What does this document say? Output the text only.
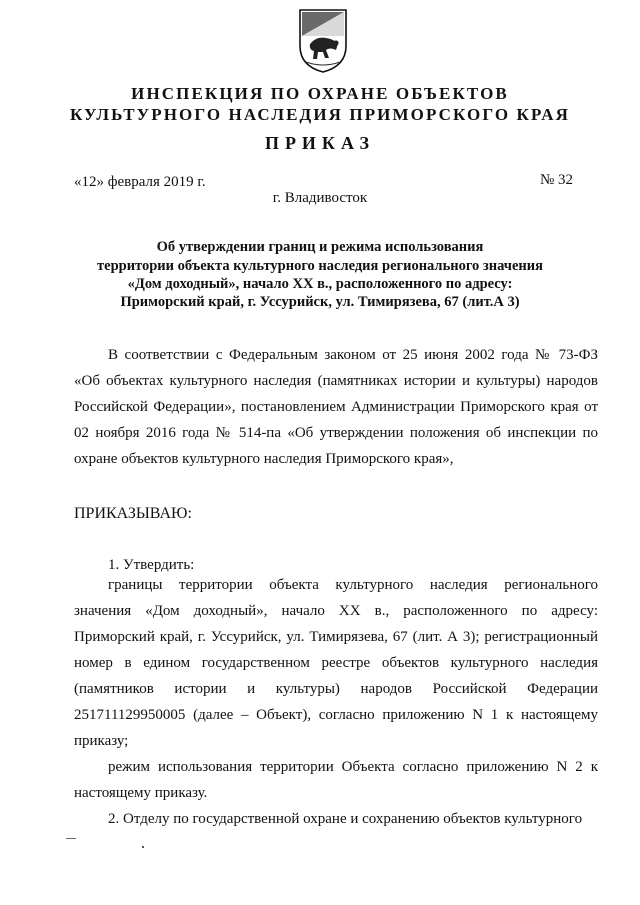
ИНСПЕКЦИЯ ПО ОХРАНЕ ОБЪЕКТОВ
КУЛЬТУРНОГО НАСЛЕДИЯ ПРИМОРСКОГО КРАЯ
ПРИКАЗ
«12» февраля 2019 г.	№ 32
г. Владивосток
Об утверждении границ и режима использования
территории объекта культурного наследия регионального значения
«Дом доходный», начало XX в., расположенного по адресу:
Приморский край, г. Уссурийск, ул. Тимирязева, 67 (лит.А 3)
В соответствии с Федеральным законом от 25 июня 2002 года № 73-ФЗ
«Об объектах культурного наследия (памятниках истории и культуры) народов
Российской Федерации», постановлением Администрации Приморского края от
02 ноября 2016 года № 514-па «Об утверждении положения об инспекции по
охране объектов культурного наследия Приморского края»,
ПРИКАЗЫВАЮ:
1. Утвердить:
границы территории объекта культурного наследия регионального
значения «Дом доходный», начало XX в., расположенного по адресу:
Приморский край, г. Уссурийск, ул. Тимирязева, 67 (лит. А 3); регистрационный
номер в едином государственном реестре объектов культурного наследия
(памятников истории и культуры) народов Российской Федерации
251711129950005 (далее – Объект), согласно приложению N 1 к настоящему
приказу;
режим использования территории Объекта согласно приложению N 2 к
настоящему приказу.
2. Отделу по государственной охране и сохранению объектов культурного
